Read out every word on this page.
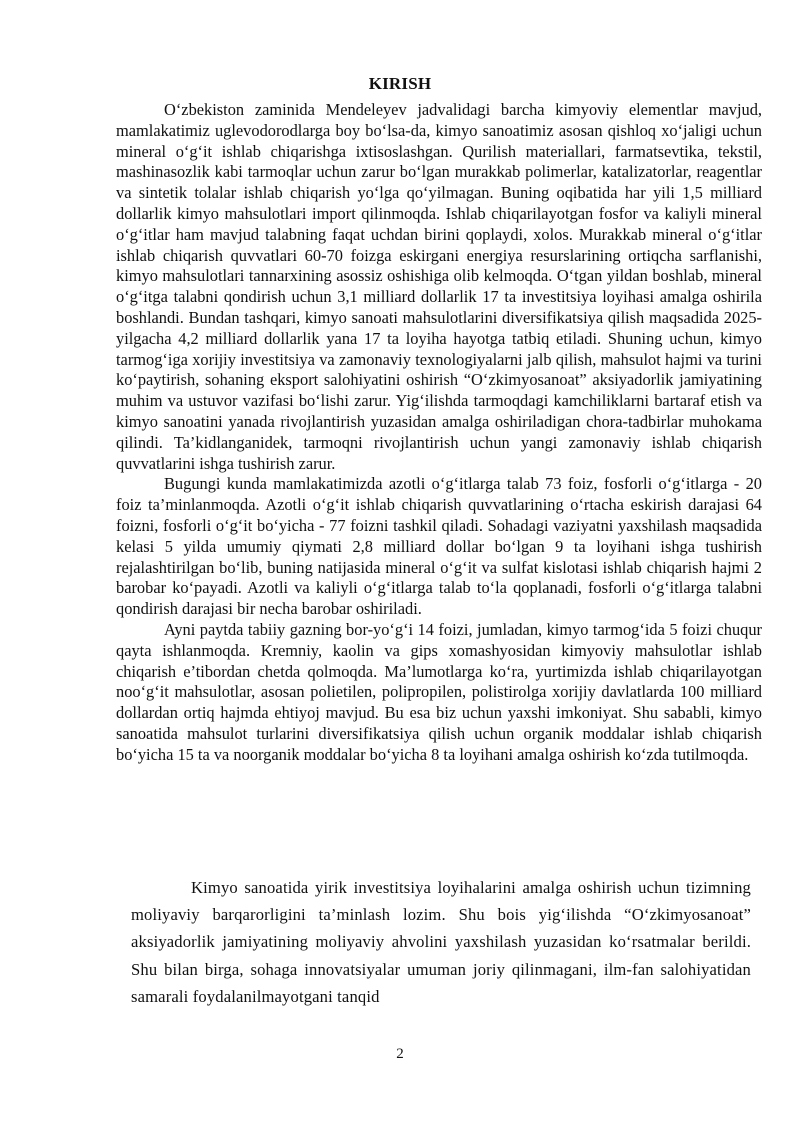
KIRISH

O‘zbekiston zaminida Mendeleyev jadvalidagi barcha kimyoviy elementlar mavjud, mamlakatimiz uglevodorodlarga boy bo‘lsa-da, kimyo sanoatimiz asosan qishloq xo‘jaligi uchun mineral o‘g‘it ishlab chiqarishga ixtisoslashgan. Qurilish materiallari, farmatsevtika, tekstil, mashinasozlik kabi tarmoqlar uchun zarur bo‘lgan murakkab polimerlar, katalizatorlar, reagentlar va sintetik tolalar ishlab chiqarish yo‘lga qo‘yilmagan. Buning oqibatida har yili 1,5 milliard dollarlik kimyo mahsulotlari import qilinmoqda. Ishlab chiqarilayotgan fosfor va kaliyli mineral o‘g‘itlar ham mavjud talabning faqat uchdan birini qoplaydi, xolos. Murakkab mineral o‘g‘itlar ishlab chiqarish quvvatlari 60-70 foizga eskirgani energiya resurslarining ortiqcha sarflanishi, kimyo mahsulotlari tannarxining asossiz oshishiga olib kelmoqda. O‘tgan yildan boshlab, mineral o‘g‘itga talabni qondirish uchun 3,1 milliard dollarlik 17 ta investitsiya loyihasi amalga oshirila boshlandi. Bundan tashqari, kimyo sanoati mahsulotlarini diversifikatsiya qilish maqsadida 2025-yilgacha 4,2 milliard dollarlik yana 17 ta loyiha hayotga tatbiq etiladi. Shuning uchun, kimyo tarmog‘iga xorijiy investitsiya va zamonaviy texnologiyalarni jalb qilish, mahsulot hajmi va turini ko‘paytirish, sohaning eksport salohiyatini oshirish “O‘zkimyosanoat” aksiyadorlik jamiyatining muhim va ustuvor vazifasi bo‘lishi zarur. Yig‘ilishda tarmoqdagi kamchiliklarni bartaraf etish va kimyo sanoatini yanada rivojlantirish yuzasidan amalga oshiriladigan chora-tadbirlar muhokama qilindi. Ta’kidlanganidek, tarmoqni rivojlantirish uchun yangi zamonaviy ishlab chiqarish quvvatlarini ishga tushirish zarur.

Bugungi kunda mamlakatimizda azotli o‘g‘itlarga talab 73 foiz, fosforli o‘g‘itlarga - 20 foiz ta’minlanmoqda. Azotli o‘g‘it ishlab chiqarish quvvatlarining o‘rtacha eskirish darajasi 64 foizni, fosforli o‘g‘it bo‘yicha - 77 foizni tashkil qiladi. Sohadagi vaziyatni yaxshilash maqsadida kelasi 5 yilda umumiy qiymati 2,8 milliard dollar bo‘lgan 9 ta loyihani ishga tushirish rejalashtirilgan bo‘lib, buning natijasida mineral o‘g‘it va sulfat kislotasi ishlab chiqarish hajmi 2 barobar ko‘payadi. Azotli va kaliyli o‘g‘itlarga talab to‘la qoplanadi, fosforli o‘g‘itlarga talabni qondirish darajasi bir necha barobar oshiriladi.

Ayni paytda tabiiy gazning bor-yo‘g‘i 14 foizi, jumladan, kimyo tarmog‘ida 5 foizi chuqur qayta ishlanmoqda. Kremniy, kaolin va gips xomashyosidan kimyoviy mahsulotlar ishlab chiqarish e’tibordan chetda qolmoqda. Ma’lumotlarga ko‘ra, yurtimizda ishlab chiqarilayotgan noo‘g‘it mahsulotlar, asosan polietilen, polipropilen, polistirolga xorijiy davlatlarda 100 milliard dollardan ortiq hajmda ehtiyoj mavjud. Bu esa biz uchun yaxshi imkoniyat. Shu sababli, kimyo sanoatida mahsulot turlarini diversifikatsiya qilish uchun organik moddalar ishlab chiqarish bo‘yicha 15 ta va noorganik moddalar bo‘yicha 8 ta loyihani amalga oshirish ko‘zda tutilmoqda.

Kimyo sanoatida yirik investitsiya loyihalarini amalga oshirish uchun tizimning moliyaviy barqarorligini ta’minlash lozim. Shu bois yig‘ilishda “O‘zkimyosanoat” aksiyadorlik jamiyatining moliyaviy ahvolini yaxshilash yuzasidan ko‘rsatmalar berildi. Shu bilan birga, sohaga innovatsiyalar umuman joriy qilinmagani, ilm-fan salohiyatidan samarali foydalanilmayotgani tanqid

2
